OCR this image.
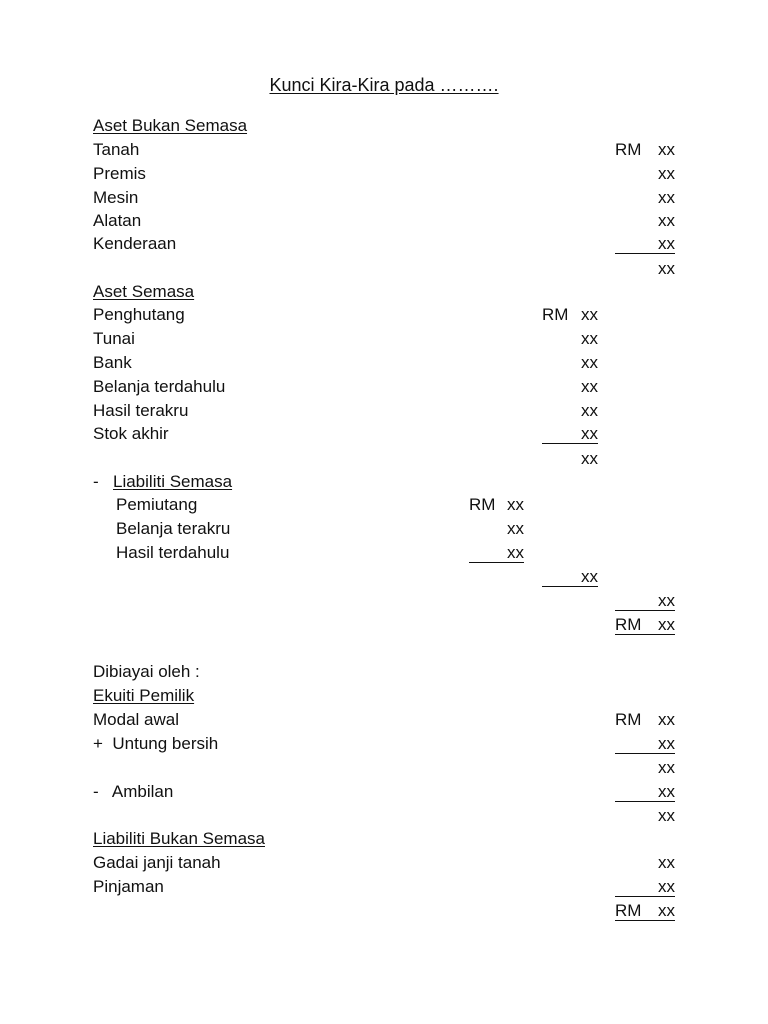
Kunci Kira-Kira pada ……….
Aset Bukan Semasa
Tanah	RM xx
Premis	xx
Mesin	xx
Alatan	xx
Kenderaan	xx
xx
Aset Semasa
Penghutang	RM xx
Tunai	xx
Bank	xx
Belanja terdahulu	xx
Hasil terakru	xx
Stok akhir	xx
xx
- Liabiliti Semasa
Pemiutang	RM xx
Belanja terakru	xx
Hasil terdahulu	xx
xx
xx
RM xx
Dibiayai oleh :
Ekuiti Pemilik
Modal awal	RM xx
+  Untung bersih	xx
xx
-   Ambilan	xx
xx
Liabiliti Bukan Semasa
Gadai janji tanah	xx
Pinjaman	xx
RM xx
